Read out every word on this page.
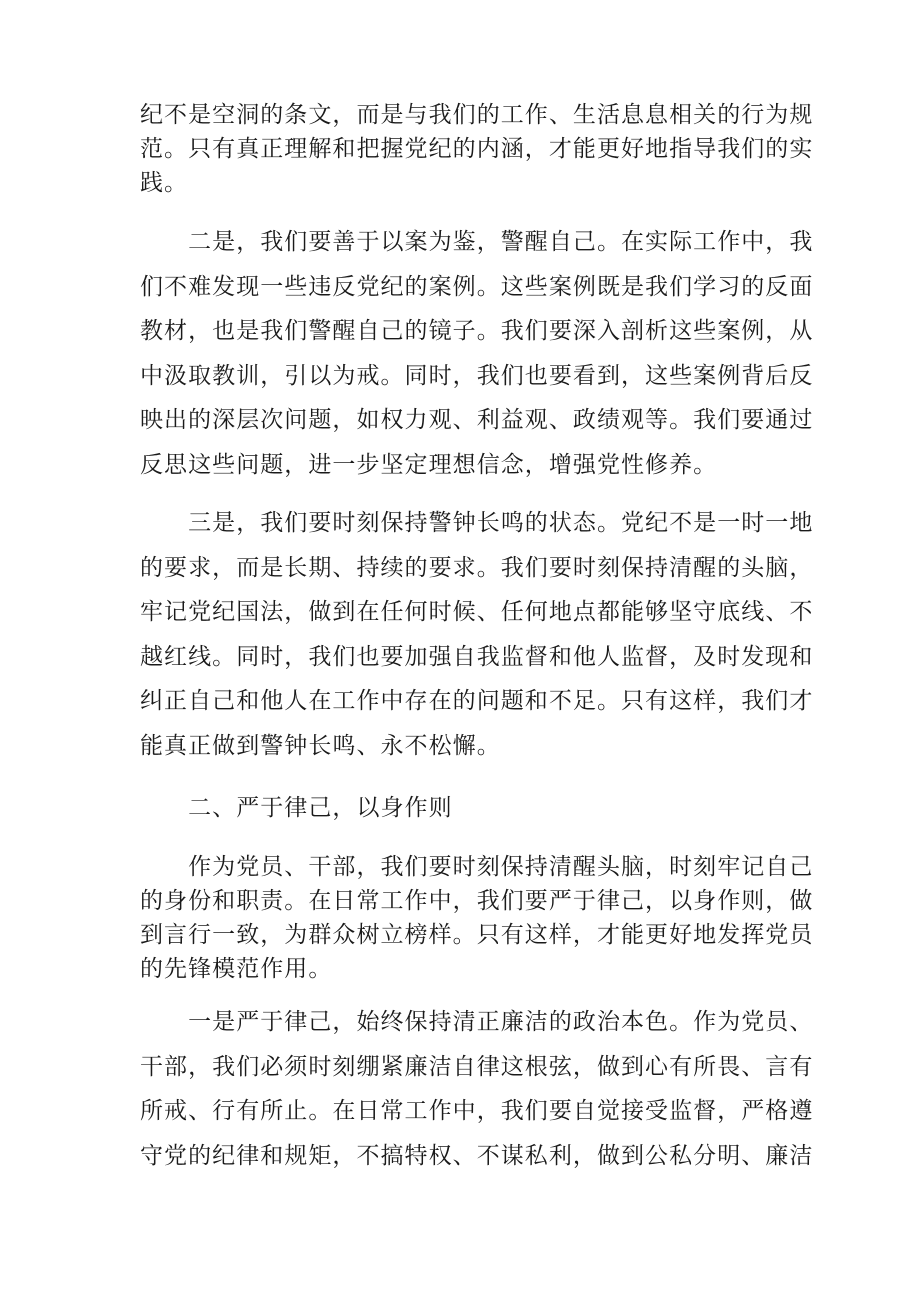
纪不是空洞的条文，而是与我们的工作、生活息息相关的行为规
范。只有真正理解和把握党纪的内涵，才能更好地指导我们的实
践。
　　二是，我们要善于以案为鉴，警醒自己。在实际工作中，我
们不难发现一些违反党纪的案例。这些案例既是我们学习的反面
教材，也是我们警醒自己的镜子。我们要深入剖析这些案例，从
中汲取教训，引以为戒。同时，我们也要看到，这些案例背后反
映出的深层次问题，如权力观、利益观、政绩观等。我们要通过
反思这些问题，进一步坚定理想信念，增强党性修养。
　　三是，我们要时刻保持警钟长鸣的状态。党纪不是一时一地
的要求，而是长期、持续的要求。我们要时刻保持清醒的头脑，
牢记党纪国法，做到在任何时候、任何地点都能够坚守底线、不
越红线。同时，我们也要加强自我监督和他人监督，及时发现和
纠正自己和他人在工作中存在的问题和不足。只有这样，我们才
能真正做到警钟长鸣、永不松懈。
　　二、严于律己，以身作则
　　作为党员、干部，我们要时刻保持清醒头脑，时刻牢记自己
的身份和职责。在日常工作中，我们要严于律己，以身作则，做
到言行一致，为群众树立榜样。只有这样，才能更好地发挥党员
的先锋模范作用。
　　一是严于律己，始终保持清正廉洁的政治本色。作为党员、
干部，我们必须时刻绷紧廉洁自律这根弦，做到心有所畏、言有
所戒、行有所止。在日常工作中，我们要自觉接受监督，严格遵
守党的纪律和规矩，不搞特权、不谋私利，做到公私分明、廉洁
